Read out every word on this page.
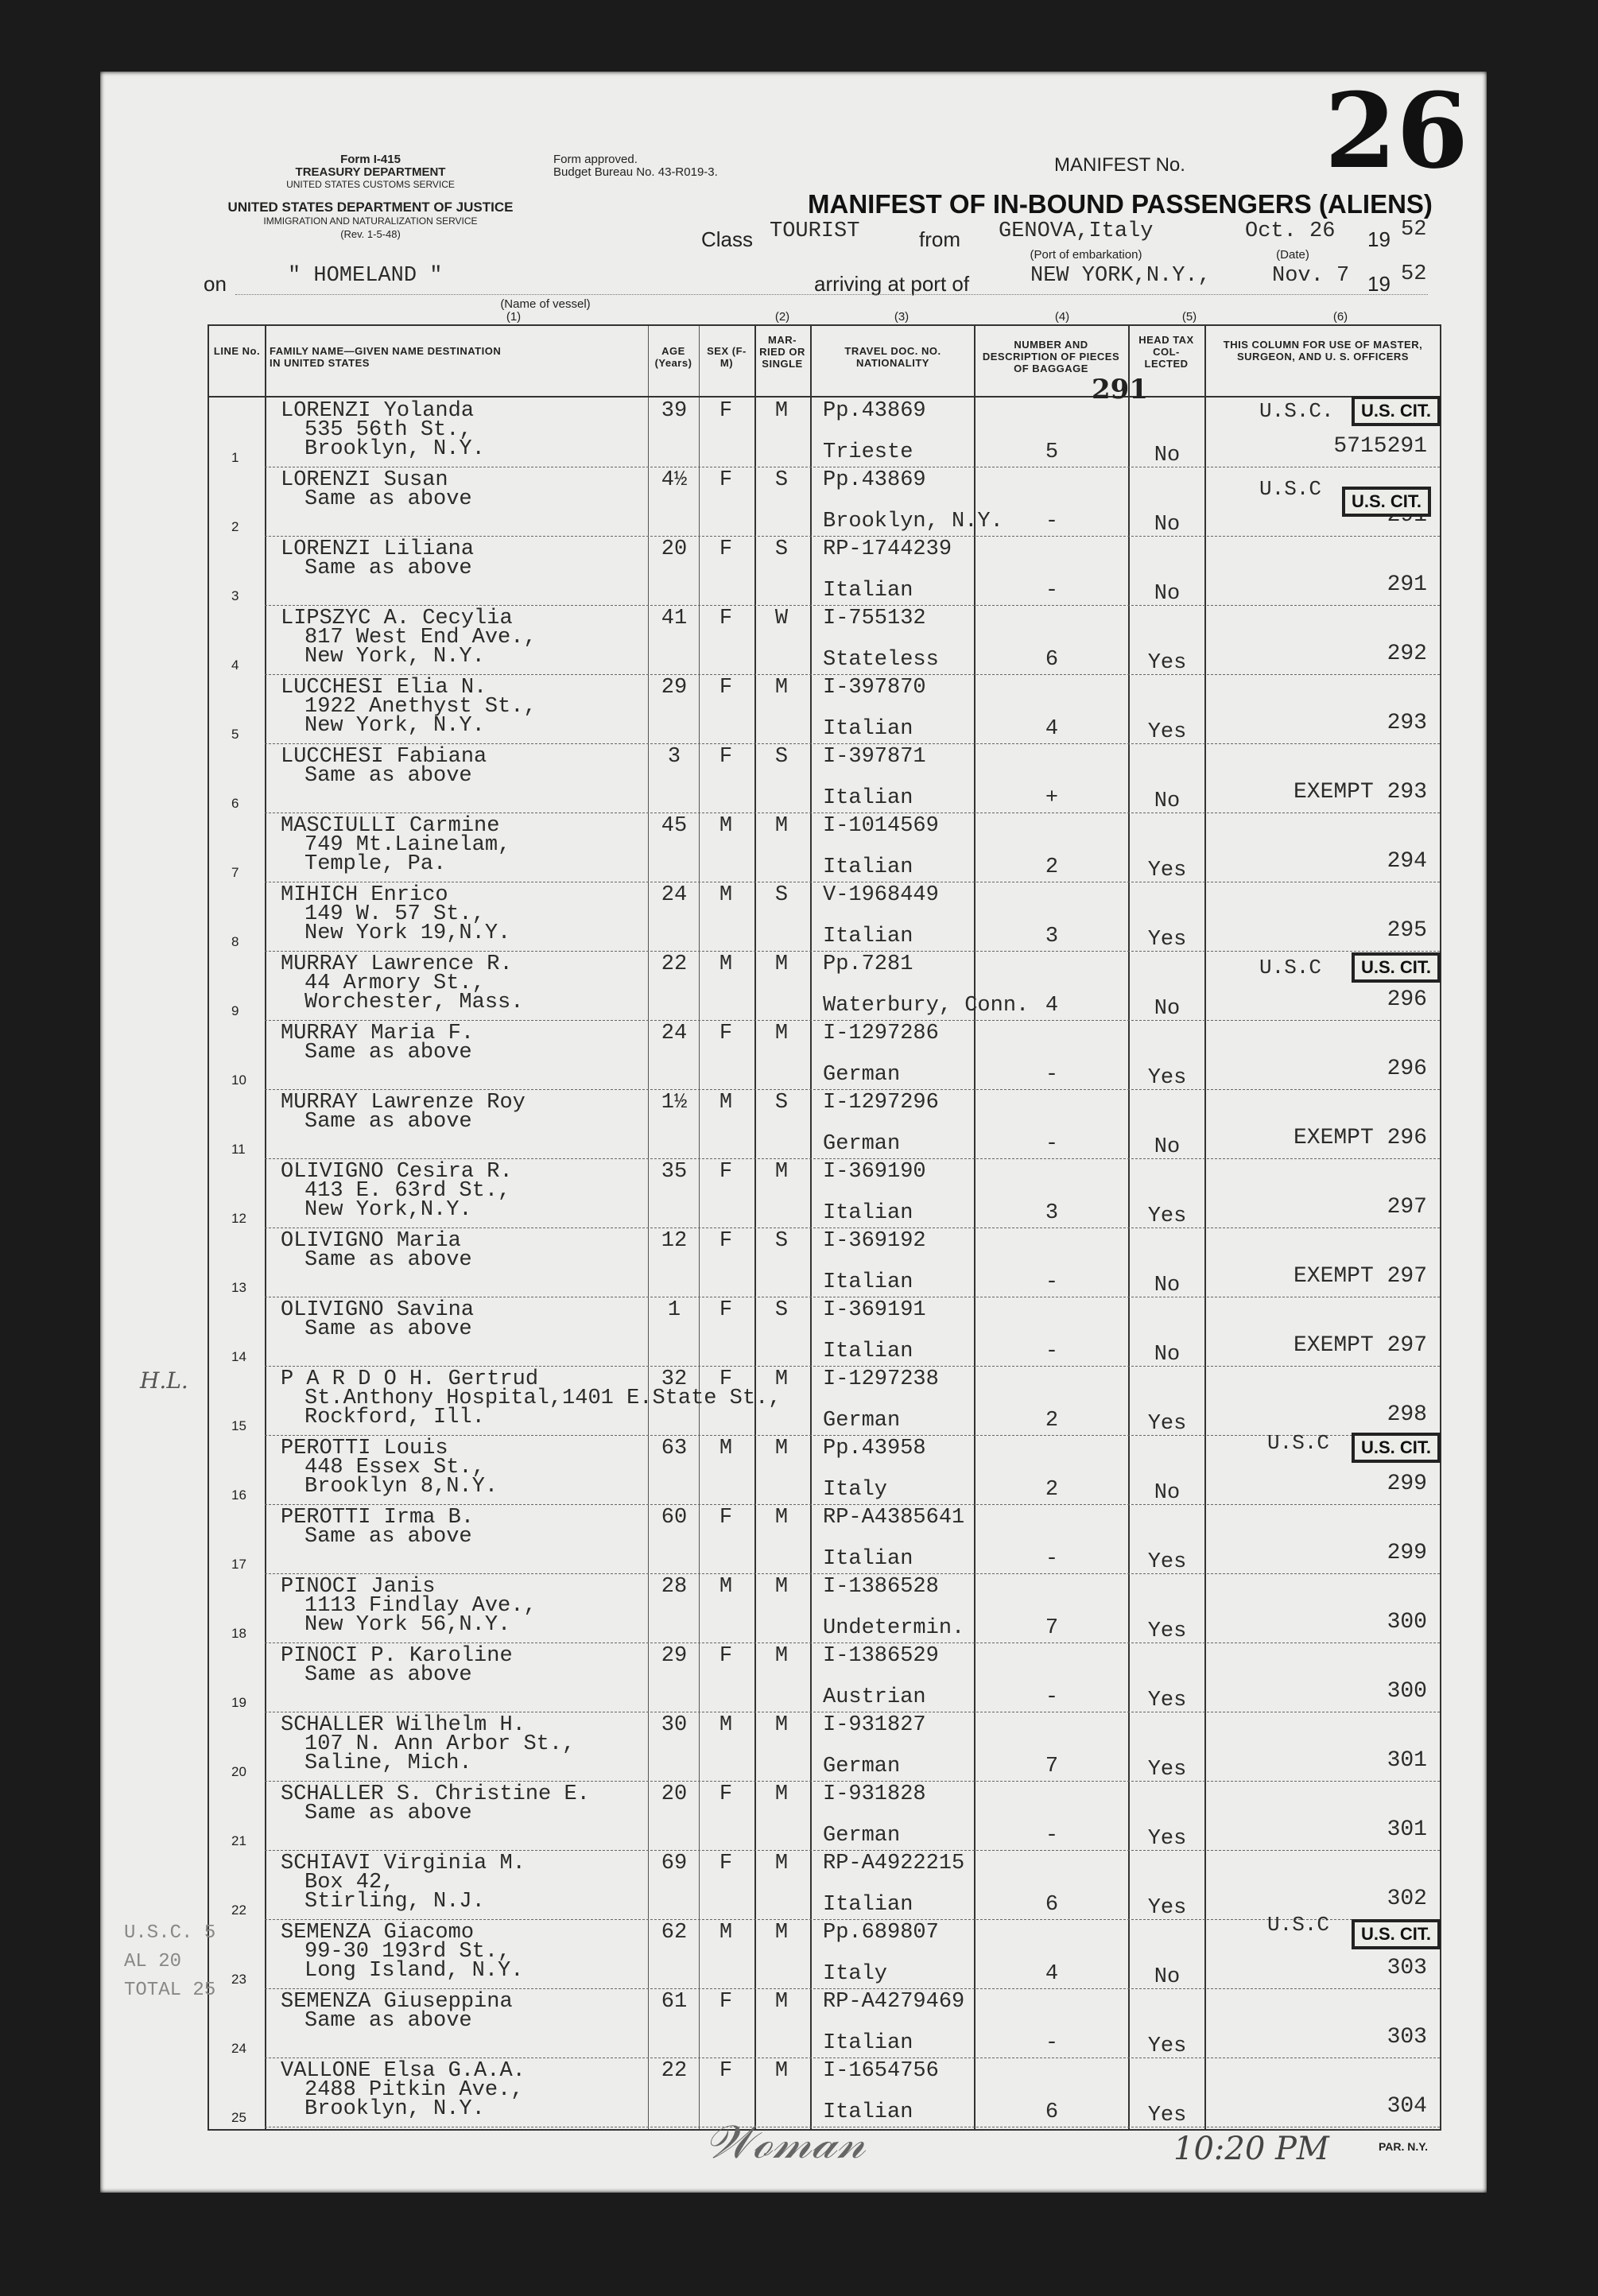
26
Form I-415
TREASURY DEPARTMENT
UNITED STATES CUSTOMS SERVICE
UNITED STATES DEPARTMENT OF JUSTICE
IMMIGRATION AND NATURALIZATION SERVICE
(Rev. 1-5-48)
Form approved.
Budget Bureau No. 43-R019-3.	MANIFEST No.
MANIFEST OF IN-BOUND PASSENGERS (ALIENS)
Class TOURIST	from GENOVA,Italy
(Port of embarkation)
Oct. 26 19 52
(Date)
on	" HOMELAND "
(Name of vessel)
arriving at port of	NEW YORK,N.Y.,	Nov. 7 19 52
(1)	(2)	(3)	(4)	(5)	(6)
LINE No. FAMILY NAME—GIVEN NAME DESTINATION IN UNITED STATES
AGE (Years)
SEX (F-M)
MAR-RIED OR SINGLE
TRAVEL DOC. NO. NATIONALITY
NUMBER AND DESCRIPTION OF PIECES OF BAGGAGE
HEAD TAX COL-LECTED
THIS COLUMN FOR USE OF MASTER, SURGEON, AND U. S. OFFICERS
291
1
LORENZI Yolanda
535 56th St.,
Brooklyn, N.Y.
39	F	M	Pp.43869
Trieste	5	No	5715291
2
LORENZI Susan
Same as above
4½	F	S	Pp.43869
Brooklyn, N.Y.	-	No
3
LORENZI Liliana
Same as above
20	F	S	RP-1744239
Italian	-	No	291
4
LIPSZYC A. Cecylia
817 West End Ave.,
New York, N.Y.
41	F	W	I-755132
Stateless	6	Yes	292
5
LUCCHESI Elia N.
1922 Anethyst St.,
New York, N.Y.
29	F	M	I-397870
Italian	4	Yes	293
6
LUCCHESI Fabiana
Same as above
3	F	S	I-397871
Italian	+	No	EXEMPT 293
7
MASCIULLI Carmine
749 Mt.Lainelam,
Temple, Pa.
45	M	M	I-1014569
Italian	2	Yes	294
8
MIHICH Enrico
149 W. 57 St.,
New York 19,N.Y.
24	M	S	V-1968449
Italian	3	Yes	295
9
MURRAY Lawrence R.
44 Armory St.,
Worchester, Mass.
22	M	M	Pp.7281
Waterbury, Conn. 4	No	296
10
MURRAY Maria F.
Same as above
24	F	M	I-1297286
German	-	Yes	296
11
MURRAY Lawrenze Roy
Same as above
1½	M	S	I-1297296
German	-	No	EXEMPT 296
12
OLIVIGNO Cesira R.
413 E. 63rd St.,
New York,N.Y.
35	F	M	I-369190
Italian	3	Yes	297
13
OLIVIGNO Maria
Same as above
12	F	S	I-369192
Italian	-	No	EXEMPT 297
14
OLIVIGNO Savina
Same as above
1	F	S	I-369191
Italian	-	No	EXEMPT 297
15
P A R D O H. Gertrud
St.Anthony Hospital,1401 E.State St.,
Rockford, Ill.
32	F	M	I-1297238
German	2	Yes	298
16
PEROTTI Louis
448 Essex St.,
Brooklyn 8,N.Y.
63	M	M	Pp.43958
Italy	2	No	299
17
PEROTTI Irma B.
Same as above
60	F	M	RP-A4385641
Italian	-	Yes	299
18
PINOCI Janis
1113 Findlay Ave.,
New York 56,N.Y.
28	M	M	I-1386528
Undetermin.	7	Yes	300
19
PINOCI P. Karoline
Same as above
29	F	M	I-1386529
Austrian	-	Yes	300
20
SCHALLER Wilhelm H.
107 N. Ann Arbor St.,
Saline, Mich.
30	M	M	I-931827
German	7	Yes	301
21
SCHALLER S. Christine E.
Same as above
20	F	M	I-931828
German	-	Yes	301
22
SCHIAVI Virginia M.
Box 42,
Stirling, N.J.
69	F	M	RP-A4922215
Italian	6	Yes	302
23
SEMENZA Giacomo
99-30 193rd St.,
Long Island, N.Y.
62	M	M	Pp.689807
Italy	4	No	303
24
SEMENZA Giuseppina
Same as above
61	F	M	RP-A4279469
Italian	-	Yes	303
25
VALLONE Elsa G.A.A.
2488 Pitkin Ave.,
Brooklyn, N.Y.
22	F	M	I-1654756
Italian	6	Yes	304
U.S. CIT.
U.S. CIT.
U.S. CIT.
U.S. CIT.
U.S. CIT.
U.S.C.
U.S.C
U.S.C
U.S.C
U.S.C
U.S.C. 5
AL 20
TOTAL 25
H.L.
𝒲ℴ𝓂𝒶𝓃	10:20 PM	PAR. N.Y.
